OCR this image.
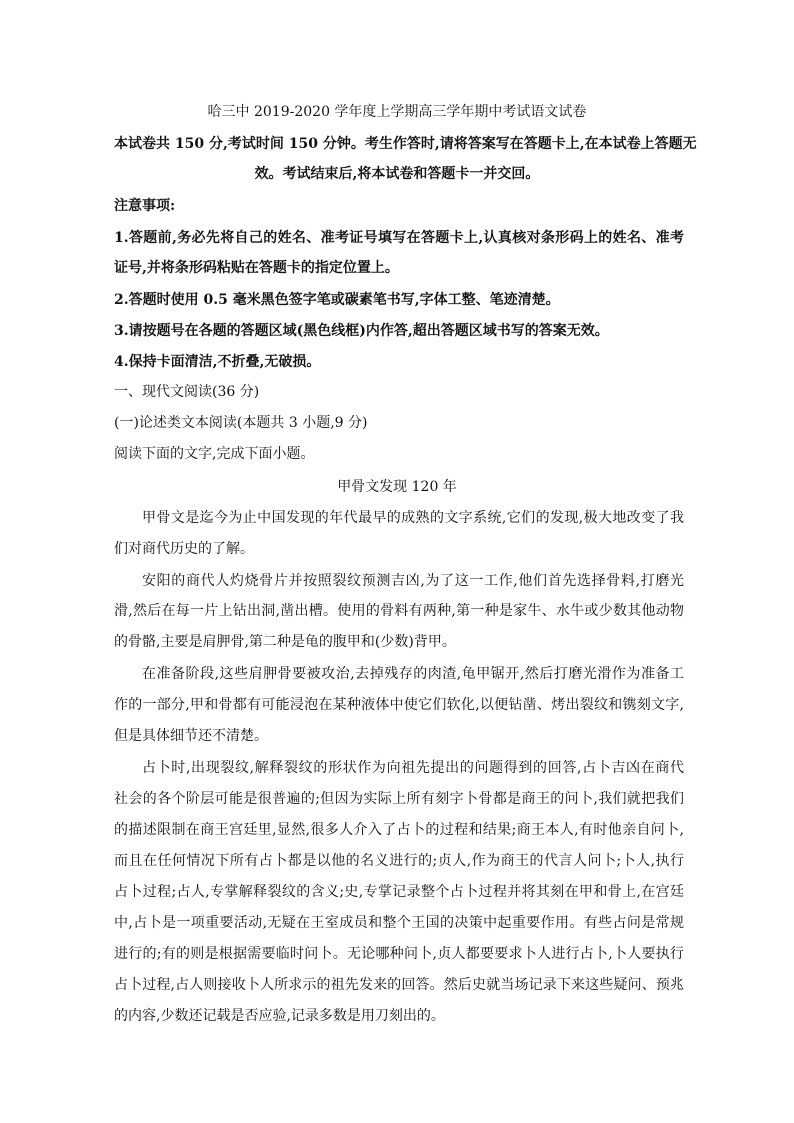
哈三中 2019-2020 学年度上学期高三学年期中考试语文试卷
本试卷共 150 分,考试时间 150 分钟。考生作答时,请将答案写在答题卡上,在本试卷上答题无
效。考试结束后,将本试卷和答题卡一并交回。
注意事项:
1.答题前,务必先将自己的姓名、准考证号填写在答题卡上,认真核对条形码上的姓名、准考
证号,并将条形码粘贴在答题卡的指定位置上。
2.答题时使用 0.5 毫米黑色签字笔或碳素笔书写,字体工整、笔迹清楚。
3.请按题号在各题的答题区域(黑色线框)内作答,超出答题区域书写的答案无效。
4.保持卡面清洁,不折叠,无破损。
一、现代文阅读(36 分)
(一)论述类文本阅读(本题共 3 小题,9 分)
阅读下面的文字,完成下面小题。
甲骨文发现 120 年
甲骨文是迄今为止中国发现的年代最早的成熟的文字系统,它们的发现,极大地改变了我
们对商代历史的了解。
安阳的商代人灼烧骨片并按照裂纹预测吉凶,为了这一工作,他们首先选择骨料,打磨光
滑,然后在每一片上钻出洞,凿出槽。使用的骨料有两种,第一种是家牛、水牛或少数其他动物
的骨骼,主要是肩胛骨,第二种是龟的腹甲和(少数)背甲。
在准备阶段,这些肩胛骨要被攻治,去掉残存的肉渣,龟甲锯开,然后打磨光滑作为准备工
作的一部分,甲和骨都有可能浸泡在某种液体中使它们软化,以便钻凿、烤出裂纹和镌刻文字,
但是具体细节还不清楚。
占卜时,出现裂纹,解释裂纹的形状作为向祖先提出的问题得到的回答,占卜吉凶在商代
社会的各个阶层可能是很普遍的;但因为实际上所有刻字卜骨都是商王的问卜,我们就把我们
的描述限制在商王宫廷里,显然,很多人介入了占卜的过程和结果;商王本人,有时他亲自问卜,
而且在任何情况下所有占卜都是以他的名义进行的;贞人,作为商王的代言人问卜;卜人,执行
占卜过程;占人,专掌解释裂纹的含义;史,专掌记录整个占卜过程并将其刻在甲和骨上,在宫廷
中,占卜是一项重要活动,无疑在王室成员和整个王国的决策中起重要作用。有些占问是常规
进行的;有的则是根据需要临时问卜。无论哪种问卜,贞人都要要求卜人进行占卜,卜人要执行
占卜过程,占人则接收卜人所求示的祖先发来的回答。然后史就当场记录下来这些疑问、预兆
的内容,少数还记载是否应验,记录多数是用刀刻出的。
